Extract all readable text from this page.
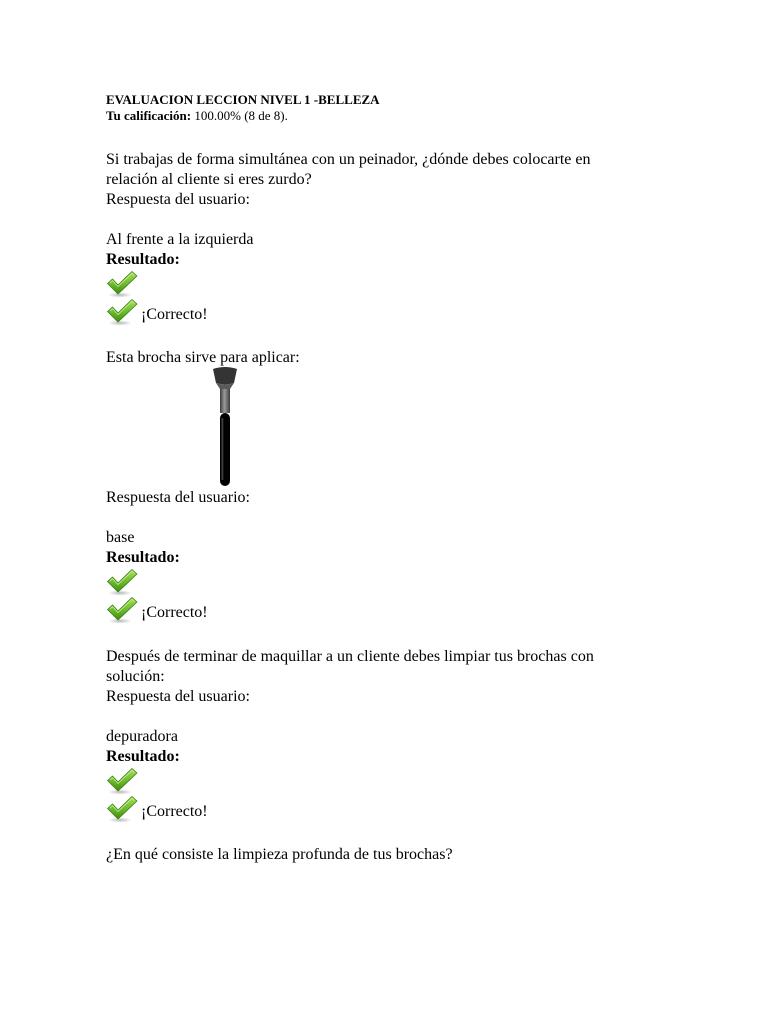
EVALUACION LECCION NIVEL 1 -BELLEZA
Tu calificación: 100.00% (8 de 8).
Si trabajas de forma simultánea con un peinador, ¿dónde debes colocarte en
relación al cliente si eres zurdo?
Respuesta del usuario:
Al frente a la izquierda
Resultado:
¡Correcto!
Esta brocha sirve para aplicar:
Respuesta del usuario:
base
Resultado:
¡Correcto!
Después de terminar de maquillar a un cliente debes limpiar tus brochas con
solución:
Respuesta del usuario:
depuradora
Resultado:
¡Correcto!
¿En qué consiste la limpieza profunda de tus brochas?
